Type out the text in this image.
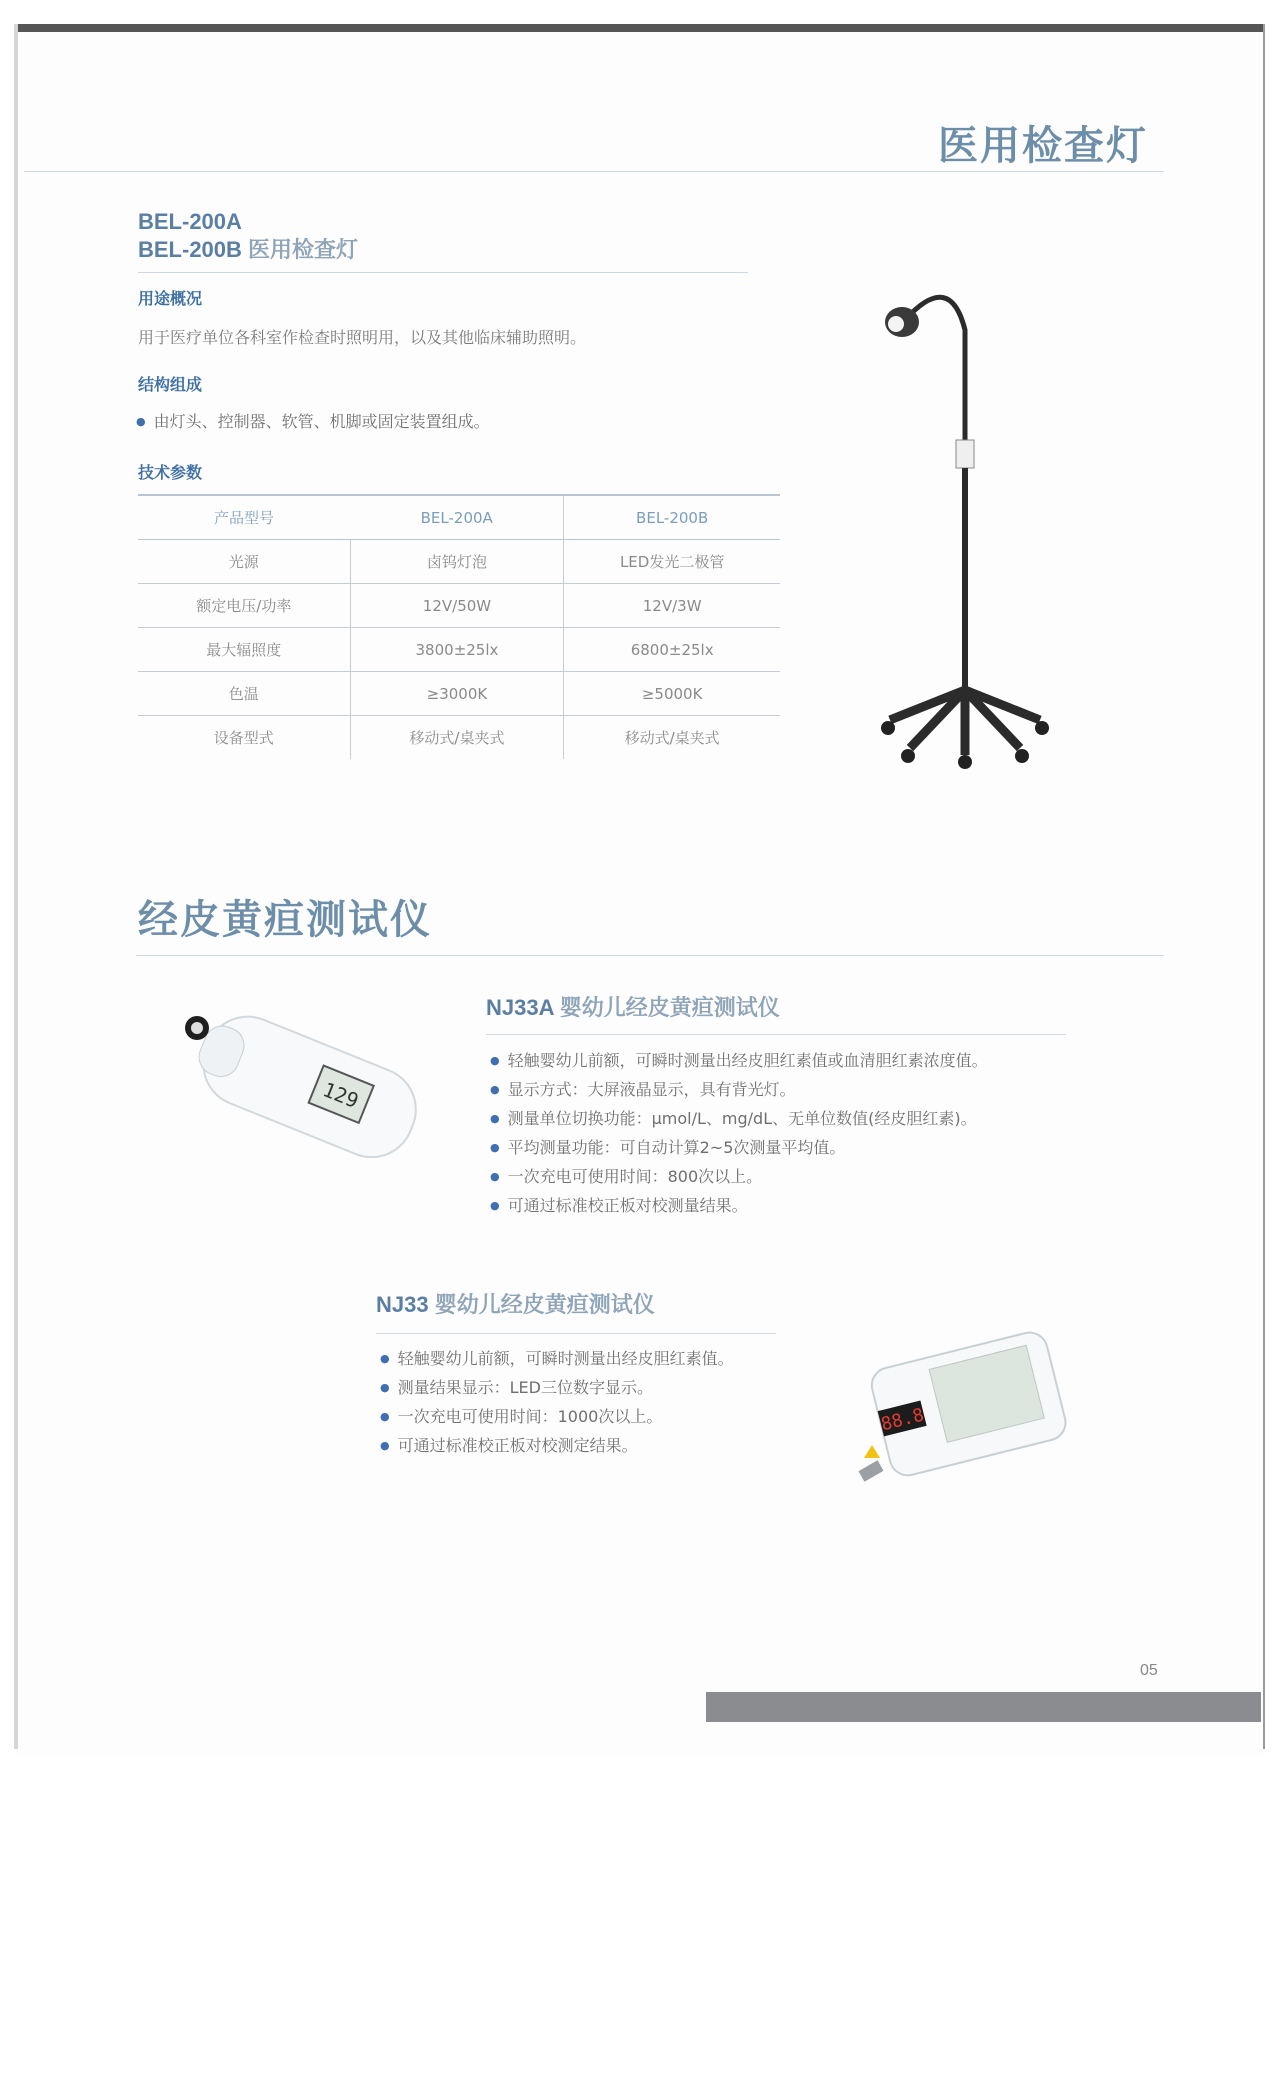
医用检查灯
BEL-200A
BEL-200B 医用检查灯
用途概况
用于医疗单位各科室作检查时照明用，以及其他临床辅助照明。
结构组成
● 由灯头、控制器、软管、机脚或固定装置组成。
技术参数
产品型号	BEL-200A	BEL-200B
光源	卤钨灯泡	LED发光二极管
额定电压/功率	12V/50W	12V/3W
最大辐照度	3800±25lx	6800±25lx
色温	≥3000K	≥5000K
设备型式	移动式/桌夹式	移动式/桌夹式
经皮黄疸测试仪
NJ33A 婴幼儿经皮黄疸测试仪
● 轻触婴幼儿前额，可瞬时测量出经皮胆红素值或血清胆红素浓度值。
● 显示方式：大屏液晶显示，具有背光灯。
● 测量单位切换功能：μmol/L、mg/dL、无单位数值(经皮胆红素)。
● 平均测量功能：可自动计算2~5次测量平均值。
● 一次充电可使用时间：800次以上。
● 可通过标准校正板对校测量结果。
129
NJ33 婴幼儿经皮黄疸测试仪
● 轻触婴幼儿前额，可瞬时测量出经皮胆红素值。
● 测量结果显示：LED三位数字显示。
● 一次充电可使用时间：1000次以上。
● 可通过标准校正板对校测定结果。
88.8
05
